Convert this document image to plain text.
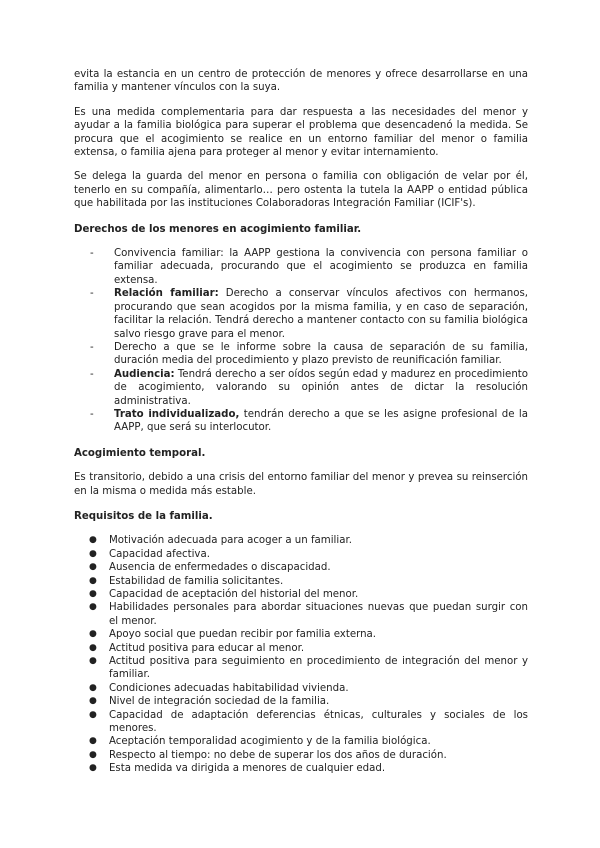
evita la estancia en un centro de protección de menores y ofrece desarrollarse en una familia y mantener vínculos con la suya.

Es una medida complementaria para dar respuesta a las necesidades del menor y ayudar a la familia biológica para superar el problema que desencadenó la medida. Se procura que el acogimiento se realice en un entorno familiar del menor o familia extensa, o familia ajena para proteger al menor y evitar internamiento.

Se delega la guarda del menor en persona o familia con obligación de velar por él, tenerlo en su compañía, alimentarlo… pero ostenta la tutela la AAPP o entidad pública que habilitada por las instituciones Colaboradoras Integración Familiar (ICIF's).

Derechos de los menores en acogimiento familiar.

- Convivencia familiar: la AAPP gestiona la convivencia con persona familiar o familiar adecuada, procurando que el acogimiento se produzca en familia extensa.
- Relación familiar: Derecho a conservar vínculos afectivos con hermanos, procurando que sean acogidos por la misma familia, y en caso de separación, facilitar la relación. Tendrá derecho a mantener contacto con su familia biológica salvo riesgo grave para el menor.
- Derecho a que se le informe sobre la causa de separación de su familia, duración media del procedimiento y plazo previsto de reunificación familiar.
- Audiencia: Tendrá derecho a ser oídos según edad y madurez en procedimiento de acogimiento, valorando su opinión antes de dictar la resolución administrativa.
- Trato individualizado, tendrán derecho a que se les asigne profesional de la AAPP, que será su interlocutor.

Acogimiento temporal.

Es transitorio, debido a una crisis del entorno familiar del menor y prevea su reinserción en la misma o medida más estable.

Requisitos de la familia.

● Motivación adecuada para acoger a un familiar.
● Capacidad afectiva.
● Ausencia de enfermedades o discapacidad.
● Estabilidad de familia solicitantes.
● Capacidad de aceptación del historial del menor.
● Habilidades personales para abordar situaciones nuevas que puedan surgir con el menor.
● Apoyo social que puedan recibir por familia externa.
● Actitud positiva para educar al menor.
● Actitud positiva para seguimiento en procedimiento de integración del menor y familiar.
● Condiciones adecuadas habitabilidad vivienda.
● Nivel de integración sociedad de la familia.
● Capacidad de adaptación deferencias étnicas, culturales y sociales de los menores.
● Aceptación temporalidad acogimiento y de la familia biológica.
● Respecto al tiempo: no debe de superar los dos años de duración.
● Esta medida va dirigida a menores de cualquier edad.
